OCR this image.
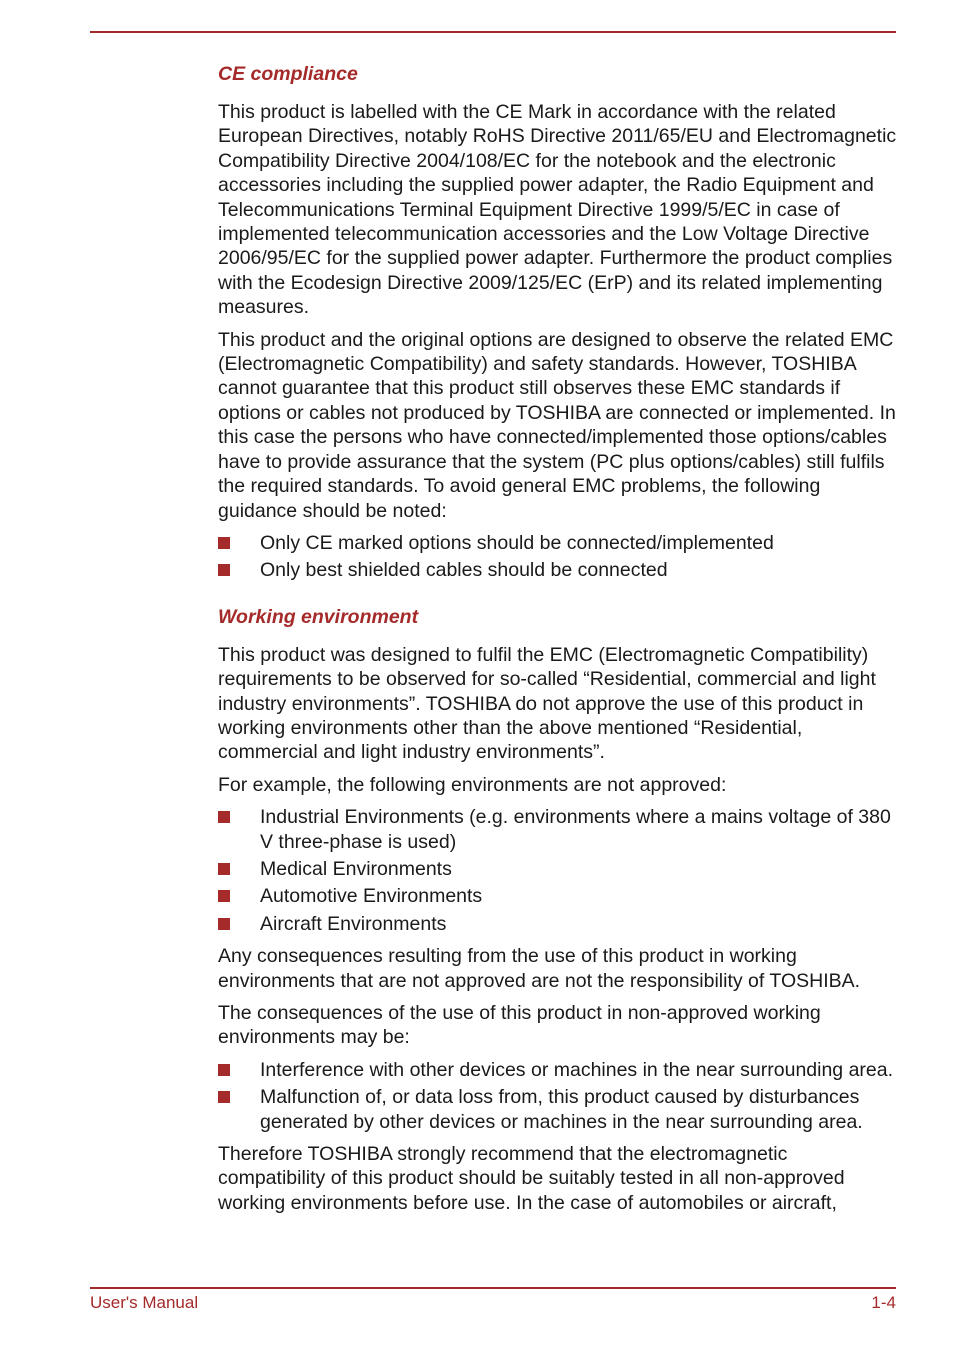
CE compliance

This product is labelled with the CE Mark in accordance with the related European Directives, notably RoHS Directive 2011/65/EU and Electromagnetic Compatibility Directive 2004/108/EC for the notebook and the electronic accessories including the supplied power adapter, the Radio Equipment and Telecommunications Terminal Equipment Directive 1999/5/EC in case of implemented telecommunication accessories and the Low Voltage Directive 2006/95/EC for the supplied power adapter. Furthermore the product complies with the Ecodesign Directive 2009/125/EC (ErP) and its related implementing measures.

This product and the original options are designed to observe the related EMC (Electromagnetic Compatibility) and safety standards. However, TOSHIBA cannot guarantee that this product still observes these EMC standards if options or cables not produced by TOSHIBA are connected or implemented. In this case the persons who have connected/implemented those options/cables have to provide assurance that the system (PC plus options/cables) still fulfils the required standards. To avoid general EMC problems, the following guidance should be noted:

Only CE marked options should be connected/implemented
Only best shielded cables should be connected
Working environment

This product was designed to fulfil the EMC (Electromagnetic Compatibility) requirements to be observed for so-called “Residential, commercial and light industry environments”. TOSHIBA do not approve the use of this product in working environments other than the above mentioned “Residential, commercial and light industry environments”.

For example, the following environments are not approved:

Industrial Environments (e.g. environments where a mains voltage of 380 V three-phase is used)
Medical Environments
Automotive Environments
Aircraft Environments

Any consequences resulting from the use of this product in working environments that are not approved are not the responsibility of TOSHIBA.

The consequences of the use of this product in non-approved working environments may be:

Interference with other devices or machines in the near surrounding area.
Malfunction of, or data loss from, this product caused by disturbances generated by other devices or machines in the near surrounding area.

Therefore TOSHIBA strongly recommend that the electromagnetic compatibility of this product should be suitably tested in all non-approved working environments before use. In the case of automobiles or aircraft,

User's Manual	1-4
